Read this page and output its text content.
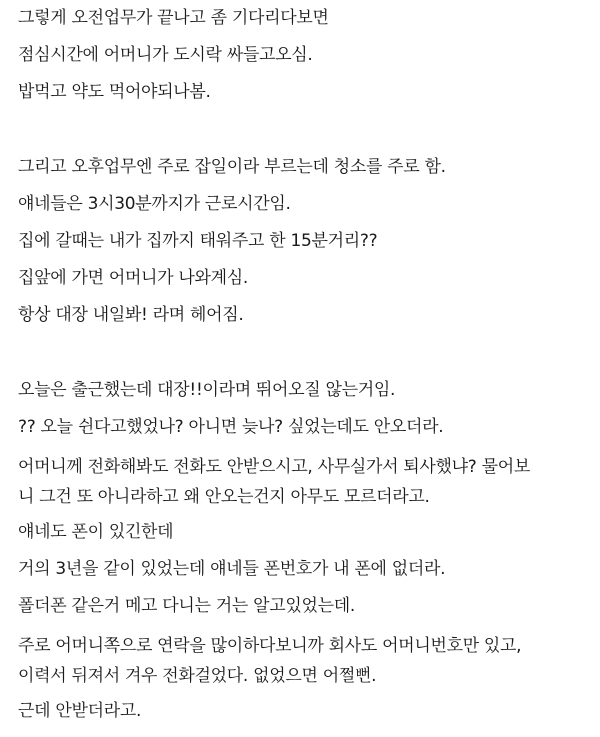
그렇게 오전업무가 끝나고 좀 기다리다보면
점심시간에 어머니가 도시락 싸들고오심.
밥먹고 약도 먹어야되나봄.
그리고 오후업무엔 주로 잡일이라 부르는데 청소를 주로 함.
얘네들은 3시30분까지가 근로시간임.
집에 갈때는 내가 집까지 태워주고 한 15분거리??
집앞에 가면 어머니가 나와계심.
항상 대장 내일봐! 라며 헤어짐.
오늘은 출근했는데 대장!!이라며 뛰어오질 않는거임.
?? 오늘 쉰다고했었나? 아니면 늦나? 싶었는데도 안오더라.
어머니께 전화해봐도 전화도 안받으시고, 사무실가서 퇴사했냐? 물어보
니 그건 또 아니라하고 왜 안오는건지 아무도 모르더라고.
얘네도 폰이 있긴한데
거의 3년을 같이 있었는데 얘네들 폰번호가 내 폰에 없더라.
폴더폰 같은거 메고 다니는 거는 알고있었는데.
주로 어머니쪽으로 연락을 많이하다보니까 회사도 어머니번호만 있고,
이력서 뒤져서 겨우 전화걸었다. 없었으면 어쩔뻔.
근데 안받더라고.
